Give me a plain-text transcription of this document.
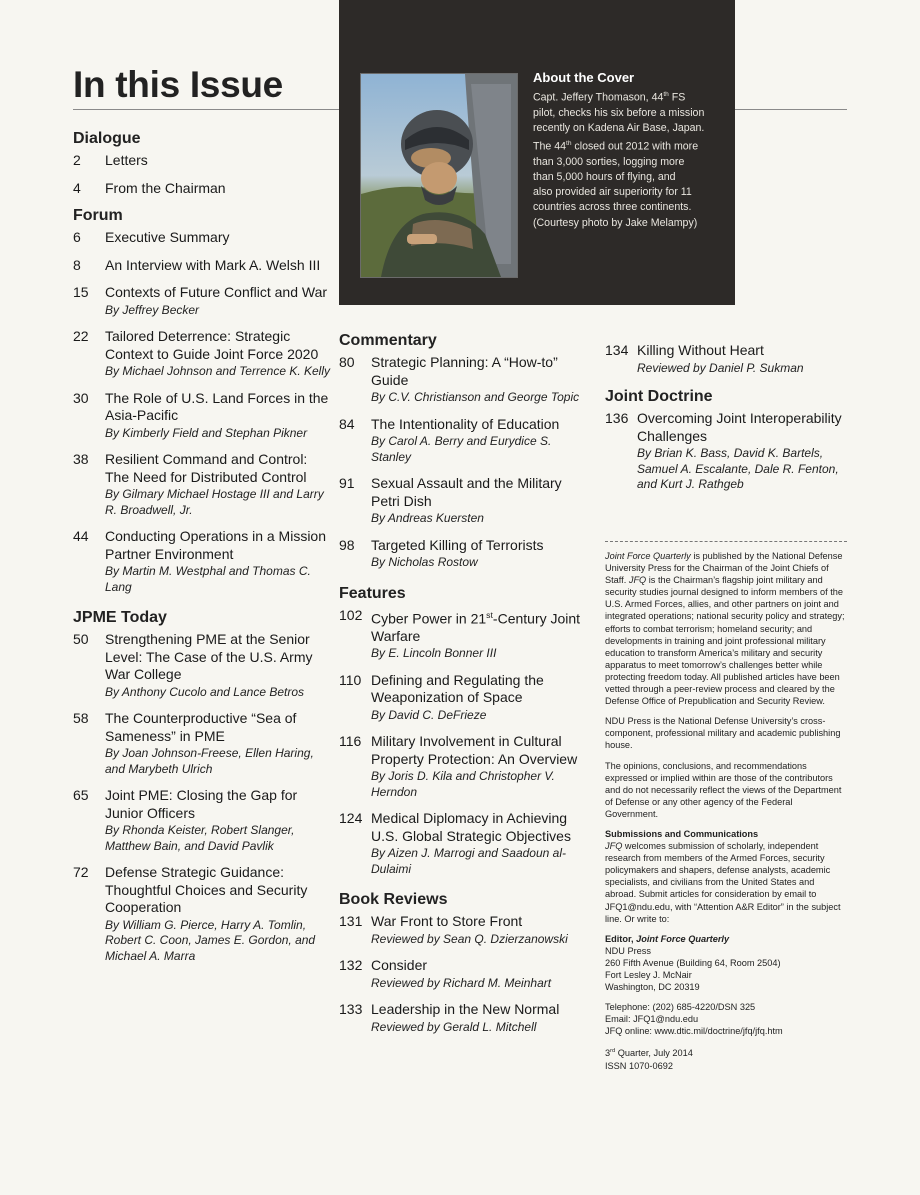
In this Issue	About the Cover
Capt. Jeffery Thomason, 44th FS
pilot, checks his six before a mission
recently on Kadena Air Base, Japan.
The 44th closed out 2012 with more
than 3,000 sorties, logging more
than 5,000 hours of flying, and
also provided air superiority for 11
countries across three continents.
(Courtesy photo by Jake Melampy)
Dialogue
2	Letters
4	From the Chairman
Forum
6	Executive Summary
8	An Interview with Mark A. Welsh III
15	Contexts of Future Conflict and War
By Jeffrey Becker
22	Tailored Deterrence: Strategic Context to Guide Joint Force 2020
By Michael Johnson and Terrence K. Kelly
30	The Role of U.S. Land Forces in the Asia-Pacific
By Kimberly Field and Stephan Pikner
38	Resilient Command and Control: The Need for Distributed Control
By Gilmary Michael Hostage III and Larry R. Broadwell, Jr.
44	Conducting Operations in a Mission Partner Environment
By Martin M. Westphal and Thomas C. Lang
JPME Today
50	Strengthening PME at the Senior Level: The Case of the U.S. Army War College
By Anthony Cucolo and Lance Betros
58	The Counterproductive “Sea of Sameness” in PME
By Joan Johnson-Freese, Ellen Haring, and Marybeth Ulrich
65	Joint PME: Closing the Gap for Junior Officers
By Rhonda Keister, Robert Slanger, Matthew Bain, and David Pavlik
72	Defense Strategic Guidance: Thoughtful Choices and Security Cooperation
By William G. Pierce, Harry A. Tomlin, Robert C. Coon, James E. Gordon, and Michael A. Marra
Commentary
80	Strategic Planning: A “How-to” Guide
By C.V. Christianson and George Topic
84	The Intentionality of Education
By Carol A. Berry and Eurydice S. Stanley
91	Sexual Assault and the Military Petri Dish
By Andreas Kuersten
98	Targeted Killing of Terrorists
By Nicholas Rostow
Features
102 Cyber Power in 21st-Century Joint Warfare
By E. Lincoln Bonner III
110 Defining and Regulating the Weaponization of Space
By David C. DeFrieze
116 Military Involvement in Cultural Property Protection: An Overview
By Joris D. Kila and Christopher V. Herndon
124 Medical Diplomacy in Achieving U.S. Global Strategic Objectives
By Aizen J. Marrogi and Saadoun al-Dulaimi
Book Reviews
131 War Front to Store Front
Reviewed by Sean Q. Dzierzanowski
132 Consider
Reviewed by Richard M. Meinhart
133 Leadership in the New Normal
Reviewed by Gerald L. Mitchell
134 Killing Without Heart
Reviewed by Daniel P. Sukman
Joint Doctrine
136 Overcoming Joint Interoperability Challenges
By Brian K. Bass, David K. Bartels, Samuel A. Escalante, Dale R. Fenton, and Kurt J. Rathgeb

Joint Force Quarterly is published by the National Defense University Press for the Chairman of the Joint Chiefs of Staff. JFQ is the Chairman’s flagship joint military and security studies journal designed to inform members of the U.S. Armed Forces, allies, and other partners on joint and integrated operations; national security policy and strategy; efforts to combat terrorism; homeland security; and developments in training and joint professional military education to transform America’s military and security apparatus to meet tomorrow’s challenges better while protecting freedom today. All published articles have been vetted through a peer-review process and cleared by the Defense Office of Prepublication and Security Review.

NDU Press is the National Defense University’s cross-component, professional military and academic publishing house.

The opinions, conclusions, and recommendations expressed or implied within are those of the contributors and do not necessarily reflect the views of the Department of Defense or any other agency of the Federal Government.

Submissions and Communications
JFQ welcomes submission of scholarly, independent research from members of the Armed Forces, security policymakers and shapers, defense analysts, academic specialists, and civilians from the United States and abroad. Submit articles for consideration by email to JFQ1@ndu.edu, with “Attention A&R Editor” in the subject line. Or write to:

Editor, Joint Force Quarterly
NDU Press
260 Fifth Avenue (Building 64, Room 2504)
Fort Lesley J. McNair
Washington, DC 20319

Telephone: (202) 685-4220/DSN 325
Email: JFQ1@ndu.edu
JFQ online: www.dtic.mil/doctrine/jfq/jfq.htm

3rd Quarter, July 2014
ISSN 1070-0692
